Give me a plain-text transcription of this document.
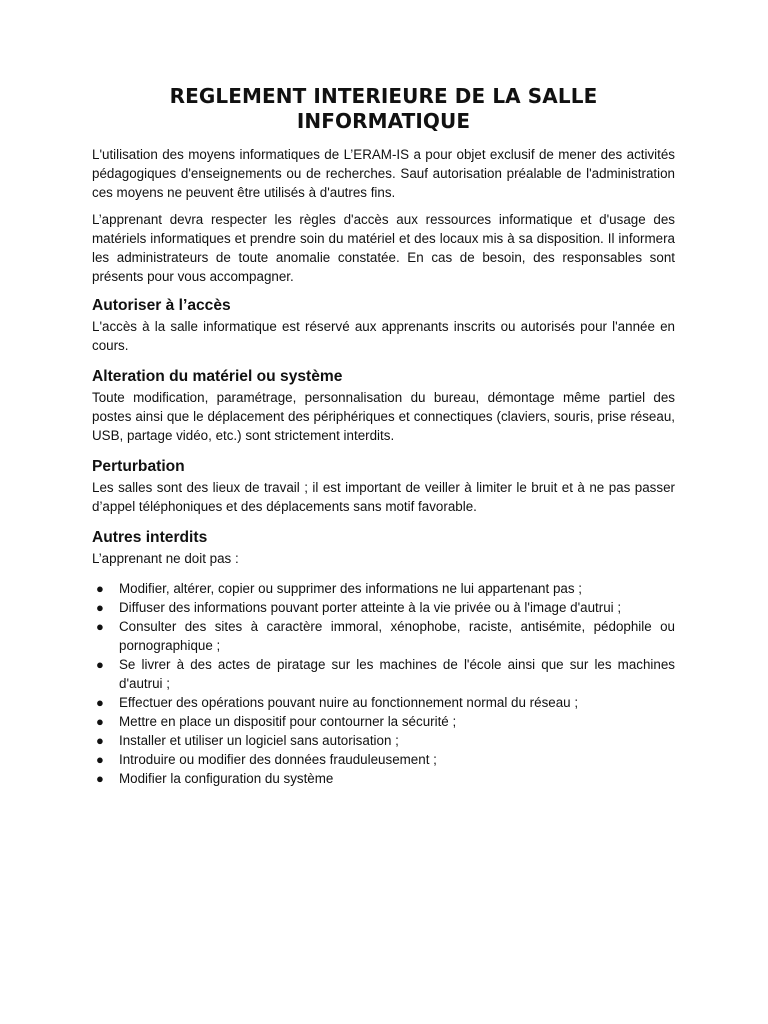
REGLEMENT INTERIEURE DE LA SALLE
INFORMATIQUE

L'utilisation des moyens informatiques de L’ERAM-IS a pour objet exclusif de mener des activités pédagogiques d'enseignements ou de recherches. Sauf autorisation préalable de l'administration ces moyens ne peuvent être utilisés à d'autres fins.

L’apprenant devra respecter les règles d'accès aux ressources informatique et d'usage des matériels informatiques et prendre soin du matériel et des locaux mis à sa disposition. Il informera les administrateurs de toute anomalie constatée. En cas de besoin, des responsables sont présents pour vous accompagner.

Autoriser à l’accès

L'accès à la salle informatique est réservé aux apprenants inscrits ou autorisés pour l'année en cours.

Alteration du matériel ou système

Toute modification, paramétrage, personnalisation du bureau, démontage même partiel des postes ainsi que le déplacement des périphériques et connectiques (claviers, souris, prise réseau, USB, partage vidéo, etc.) sont strictement interdits.

Perturbation

Les salles sont des lieux de travail ; il est important de veiller à limiter le bruit et à ne pas passer d’appel téléphoniques et des déplacements sans motif favorable.

Autres interdits

L’apprenant ne doit pas :

● Modifier, altérer, copier ou supprimer des informations ne lui appartenant pas ;
● Diffuser des informations pouvant porter atteinte à la vie privée ou à l'image d'autrui ;
● Consulter des sites à caractère immoral, xénophobe, raciste, antisémite, pédophile ou pornographique ;
● Se livrer à des actes de piratage sur les machines de l'école ainsi que sur les machines d'autrui ;
● Effectuer des opérations pouvant nuire au fonctionnement normal du réseau ;
● Mettre en place un dispositif pour contourner la sécurité ;
● Installer et utiliser un logiciel sans autorisation ;
● Introduire ou modifier des données frauduleusement ;
● Modifier la configuration du système
